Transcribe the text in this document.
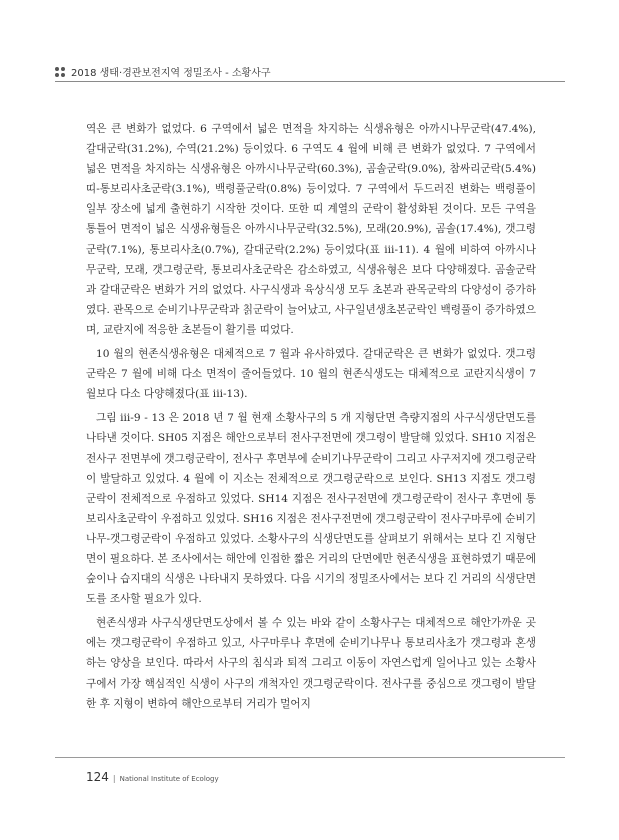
2018 생태·경관보전지역 정밀조사 - 소황사구

역은 큰 변화가 없었다. 6 구역에서 넓은 면적을 차지하는 식생유형은 아까시나무군락(47.4%), 갈대군락(31.2%), 수역(21.2%) 등이었다. 6 구역도 4 월에 비해 큰 변화가 없었다. 7 구역에서 넓은 면적을 차지하는 식생유형은 아까시나무군락(60.3%), 곰솔군락(9.0%), 참싸리군락(5.4%) 띠-통보리사초군락(3.1%), 백령풀군락(0.8%) 등이었다. 7 구역에서 두드러진 변화는 백령풀이 일부 장소에 넓게 출현하기 시작한 것이다. 또한 띠 계열의 군락이 활성화된 것이다. 모든 구역을 통틀어 면적이 넓은 식생유형들은 아까시나무군락(32.5%), 모래(20.9%), 곰솔(17.4%), 갯그령군락(7.1%), 통보리사초(0.7%), 갈대군락(2.2%) 등이었다(표 iii-11). 4 월에 비하여 아까시나무군락, 모래, 갯그령군락, 통보리사초군락은 감소하였고, 식생유형은 보다 다양해졌다. 곰솔군락과 갈대군락은 변화가 거의 없었다. 사구식생과 육상식생 모두 초본과 관목군락의 다양성이 증가하였다. 관목으로 순비기나무군락과 칡군락이 늘어났고, 사구일년생초본군락인 백령풀이 증가하였으며, 교란지에 적응한 초본들이 활기를 띠었다.

10 월의 현존식생유형은 대체적으로 7 월과 유사하였다. 갈대군락은 큰 변화가 없었다. 갯그령군락은 7 월에 비해 다소 면적이 줄어들었다. 10 월의 현존식생도는 대체적으로 교란지식생이 7 월보다 다소 다양해졌다(표 iii-13).

그림 iii-9 - 13 은 2018 년 7 월 현재 소황사구의 5 개 지형단면 측량지점의 사구식생단면도를 나타낸 것이다. SH05 지점은 해안으로부터 전사구전면에 갯그령이 발달해 있었다. SH10 지점은 전사구 전면부에 갯그령군락이, 전사구 후면부에 순비기나무군락이 그리고 사구저지에 갯그령군락이 발달하고 있었다. 4 월에 이 지소는 전체적으로 갯그령군락으로 보인다. SH13 지점도 갯그령군락이 전체적으로 우점하고 있었다. SH14 지점은 전사구전면에 갯그령군락이 전사구 후면에 통보리사초군락이 우점하고 있었다. SH16 지점은 전사구전면에 갯그령군락이 전사구마루에 순비기나무-갯그령군락이 우점하고 있었다. 소황사구의 식생단면도를 살펴보기 위해서는 보다 긴 지형단면이 필요하다. 본 조사에서는 해안에 인접한 짧은 거리의 단면에만 현존식생을 표현하였기 때문에 숲이나 습지대의 식생은 나타내지 못하였다. 다음 시기의 정밀조사에서는 보다 긴 거리의 식생단면도를 조사할 필요가 있다.

현존식생과 사구식생단면도상에서 볼 수 있는 바와 같이 소황사구는 대체적으로 해안가까운 곳에는 갯그령군락이 우점하고 있고, 사구마루나 후면에 순비기나무나 통보리사초가 갯그령과 혼생하는 양상을 보인다. 따라서 사구의 침식과 퇴적 그리고 이동이 자연스럽게 일어나고 있는 소황사구에서 가장 핵심적인 식생이 사구의 개척자인 갯그령군락이다. 전사구를 중심으로 갯그령이 발달한 후 지형이 변하여 해안으로부터 거리가 멀어지

124 | National Institute of Ecology
